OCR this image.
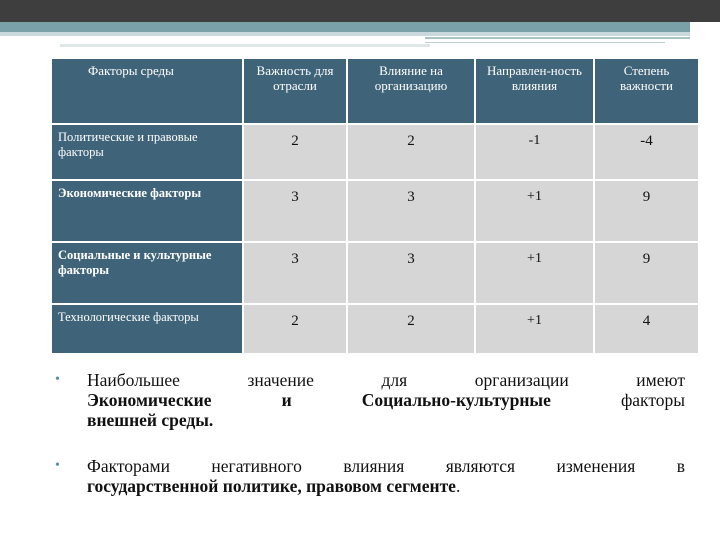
Факторы среды	Важность для отрасли	Влияние на организацию	Направлен-ность влияния	Степень важности
Политические и правовые факторы	2	2	-1	-4
Экономические факторы	3	3	+1	9
Социальные и культурные факторы	3	3	+1	9
Технологические факторы	2	2	+1	4
• Наибольшее значение для организации имеют
Экономические и Социально-культурные	факторы
внешней среды.
• Факторами негативного влияния являются изменения в
государственной политике, правовом сегменте.
